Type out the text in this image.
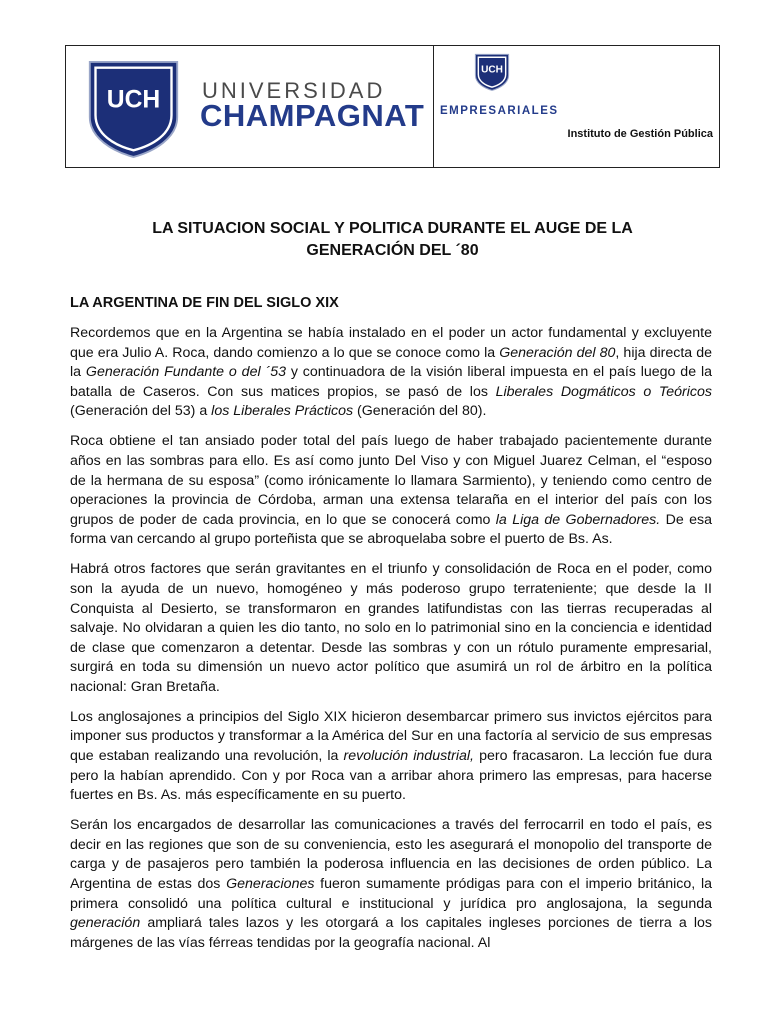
UCH UNIVERSIDAD
CHAMPAGNAT
UCH
EMPRESARIALES
Instituto de Gestión Pública
LA SITUACION SOCIAL Y POLITICA DURANTE EL AUGE DE LA
GENERACIÓN DEL ´80
LA ARGENTINA DE FIN DEL SIGLO XIX

Recordemos que en la Argentina se había instalado en el poder un actor fundamental y excluyente que era Julio A. Roca, dando comienzo a lo que se conoce como la Generación del 80, hija directa de la Generación Fundante o del ´53 y continuadora de la visión liberal impuesta en el país luego de la batalla de Caseros. Con sus matices propios, se pasó de los Liberales Dogmáticos o Teóricos (Generación del 53) a los Liberales Prácticos (Generación del 80).

Roca obtiene el tan ansiado poder total del país luego de haber trabajado pacientemente durante años en las sombras para ello. Es así como junto Del Viso y con Miguel Juarez Celman, el “esposo de la hermana de su esposa” (como irónicamente lo llamara Sarmiento), y teniendo como centro de operaciones la provincia de Córdoba, arman una extensa telaraña en el interior del país con los grupos de poder de cada provincia, en lo que se conocerá como la Liga de Gobernadores. De esa forma van cercando al grupo porteñista que se abroquelaba sobre el puerto de Bs. As.

Habrá otros factores que serán gravitantes en el triunfo y consolidación de Roca en el poder, como son la ayuda de un nuevo, homogéneo y más poderoso grupo terrateniente; que desde la II Conquista al Desierto, se transformaron en grandes latifundistas con las tierras recuperadas al salvaje. No olvidaran a quien les dio tanto, no solo en lo patrimonial sino en la conciencia e identidad de clase que comenzaron a detentar. Desde las sombras y con un rótulo puramente empresarial, surgirá en toda su dimensión un nuevo actor político que asumirá un rol de árbitro en la política nacional: Gran Bretaña.

Los anglosajones a principios del Siglo XIX hicieron desembarcar primero sus invictos ejércitos para imponer sus productos y transformar a la América del Sur en una factoría al servicio de sus empresas que estaban realizando una revolución, la revolución industrial, pero fracasaron. La lección fue dura pero la habían aprendido. Con y por Roca van a arribar ahora primero las empresas, para hacerse fuertes en Bs. As. más específicamente en su puerto.

Serán los encargados de desarrollar las comunicaciones a través del ferrocarril en todo el país, es decir en las regiones que son de su conveniencia, esto les asegurará el monopolio del transporte de carga y de pasajeros pero también la poderosa influencia en las decisiones de orden público. La Argentina de estas dos Generaciones fueron sumamente pródigas para con el imperio británico, la primera consolidó una política cultural e institucional y jurídica pro anglosajona, la segunda generación ampliará tales lazos y les otorgará a los capitales ingleses porciones de tierra a los márgenes de las vías férreas tendidas por la geografía nacional. Al
